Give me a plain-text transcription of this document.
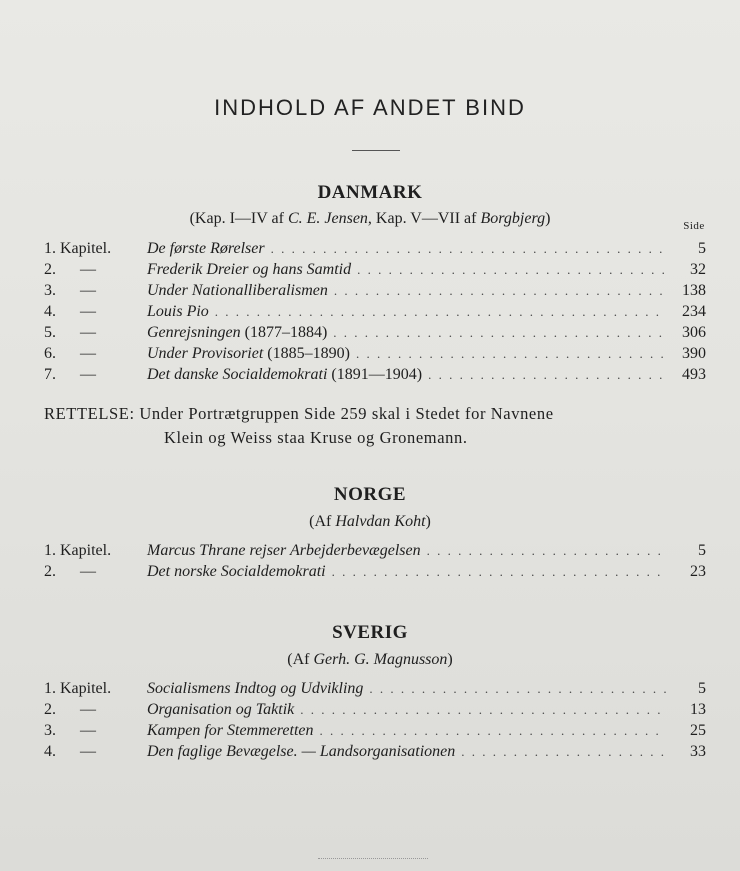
INDHOLD AF ANDET BIND
DANMARK
(Kap. I—IV af C. E. Jensen, Kap. V—VII af Borgbjerg)	Side
1. Kapitel.	De første Rørelser . . .	5
2.      —	Frederik Dreier og hans Samtid . . .	32
3.      —	Under Nationalliberalismen . . .	138
4.      —	Louis Pio . . .	234
5.      —	Genrejsningen (1877–1884) . . .	306
6.      —	Under Provisoriet (1885–1890) . . .	390
7.      —	Det danske Socialdemokrati (1891—1904) . . .	493
RETTELSE: Under Portrætgruppen Side 259 skal i Stedet for Navnene
Klein og Weiss staa Kruse og Gronemann.
NORGE
(Af Halvdan Koht)
1. Kapitel.	Marcus Thrane rejser Arbejderbevægelsen . . .	5
2.      —	Det norske Socialdemokrati . . .	23
SVERIG
(Af Gerh. G. Magnusson)
1. Kapitel.	Socialismens Indtog og Udvikling . . .	5
2.      —	Organisation og Taktik . . .	13
3.      —	Kampen for Stemmeretten . . .	25
4.      —	Den faglige Bevægelse. — Landsorganisationen . . .	33
